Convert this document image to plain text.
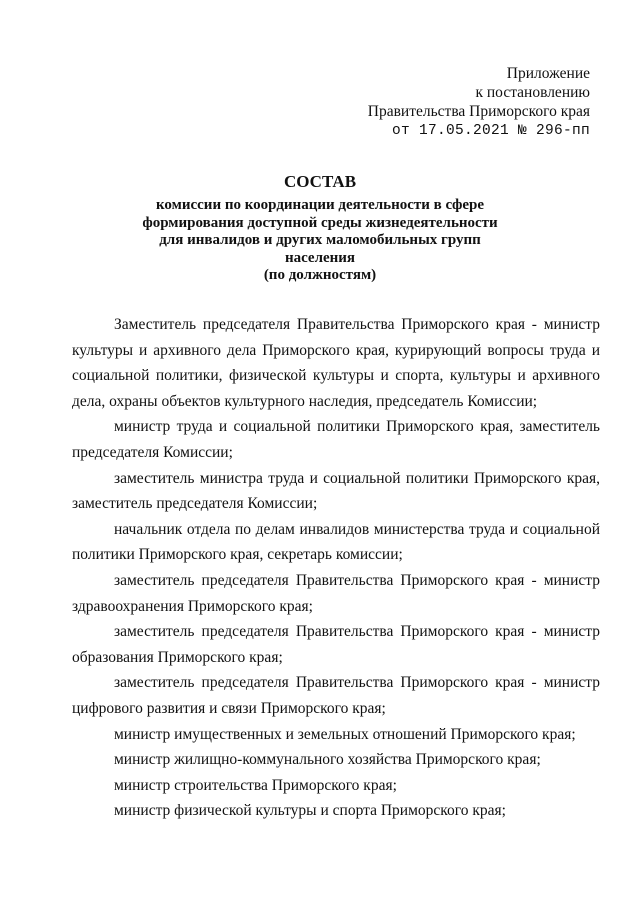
Приложение
к постановлению
Правительства Приморского края
от 17.05.2021 № 296-пп
СОСТАВ
комиссии по координации деятельности в сфере
формирования доступной среды жизнедеятельности
для инвалидов и других маломобильных групп
населения
(по должностям)

Заместитель председателя Правительства Приморского края - министр культуры и архивного дела Приморского края, курирующий вопросы труда и социальной политики, физической культуры и спорта, культуры и архивного дела, охраны объектов культурного наследия, председатель Комиссии;

министр труда и социальной политики Приморского края, заместитель председателя Комиссии;

заместитель министра труда и социальной политики Приморского края, заместитель председателя Комиссии;

начальник отдела по делам инвалидов министерства труда и социальной политики Приморского края, секретарь комиссии;

заместитель председателя Правительства Приморского края - министр здравоохранения Приморского края;

заместитель председателя Правительства Приморского края - министр образования Приморского края;

заместитель председателя Правительства Приморского края - министр цифрового развития и связи Приморского края;

министр имущественных и земельных отношений Приморского края;

министр жилищно-коммунального хозяйства Приморского края;

министр строительства Приморского края;

министр физической культуры и спорта Приморского края;
